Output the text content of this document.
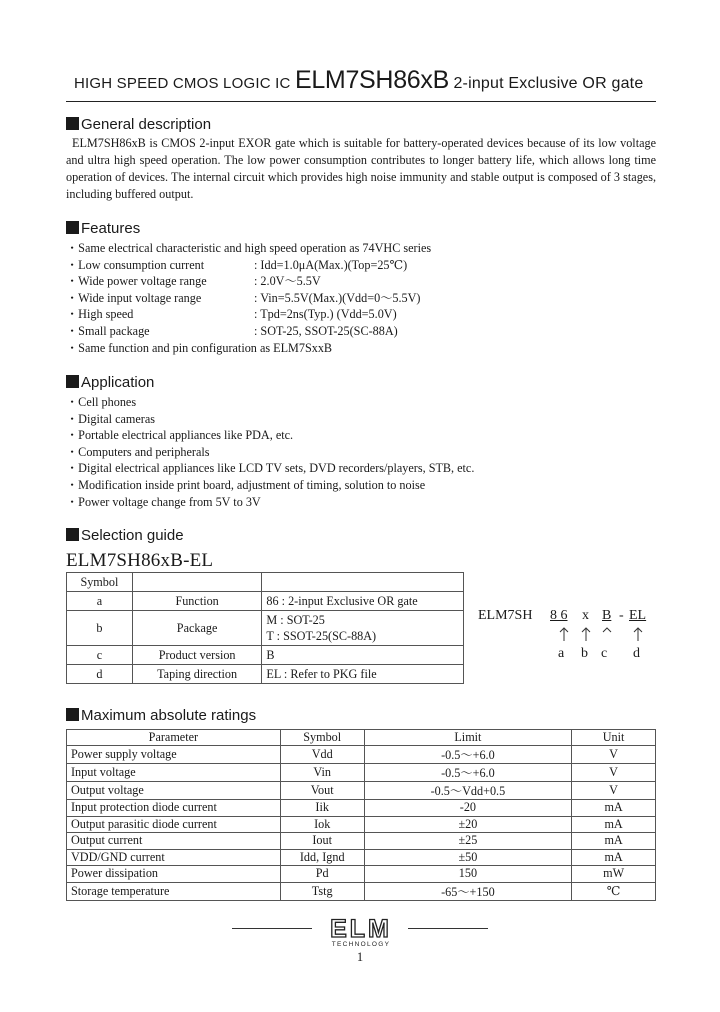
HIGH SPEED CMOS LOGIC IC ELM7SH86xB 2-input Exclusive OR gate
General description

ELM7SH86xB is CMOS 2-input EXOR gate which is suitable for battery-operated devices because of its low voltage and ultra high speed operation. The low power consumption contributes to longer battery life, which allows long time operation of devices. The internal circuit which provides high noise immunity and stable output is composed of 3 stages, including buffered output.

Features
・Same electrical characteristic and high speed operation as 74VHC series
・Low consumption current	: Idd=1.0μA(Max.)(Top=25℃)
・Wide power voltage range	: 2.0V～5.5V
・Wide input voltage range	: Vin=5.5V(Max.)(Vdd=0～5.5V)
・High speed	: Tpd=2ns(Typ.) (Vdd=5.0V)
・Small package	: SOT-25, SSOT-25(SC-88A)
・Same function and pin configuration as ELM7SxxB
Application
・Cell phones
・Digital cameras
・Portable electrical appliances like PDA, etc.
・Computers and peripherals
・Digital electrical appliances like LCD TV sets, DVD recorders/players, STB, etc.
・Modification inside print board, adjustment of timing, solution to noise
・Power voltage change from 5V to 3V
Selection guide
ELM7SH86xB-EL
Symbol		
a	Function	86 : 2-input Exclusive OR gate
b	Package	M : SOT-25
T : SSOT-25(SC-88A)

c	Product version	B
d	Taping direction	EL : Refer to PKG file
ELM7SH 8 6 x B - EL
a b c d
Maximum absolute ratings
Parameter	Symbol	Limit	Unit
Power supply voltage	Vdd	-0.5～+6.0	V
Input voltage	Vin	-0.5～+6.0	V
Output voltage	Vout	-0.5～Vdd+0.5	V
Input protection diode current	Iik	-20	mA
Output parasitic diode current	Iok	±20	mA
Output current	Iout	±25	mA
VDD/GND current	Idd, Ignd	±50	mA
Power dissipation	Pd	150	mW
Storage temperature	Tstg	-65～+150	℃
ELM
TECHNOLOGY
1
